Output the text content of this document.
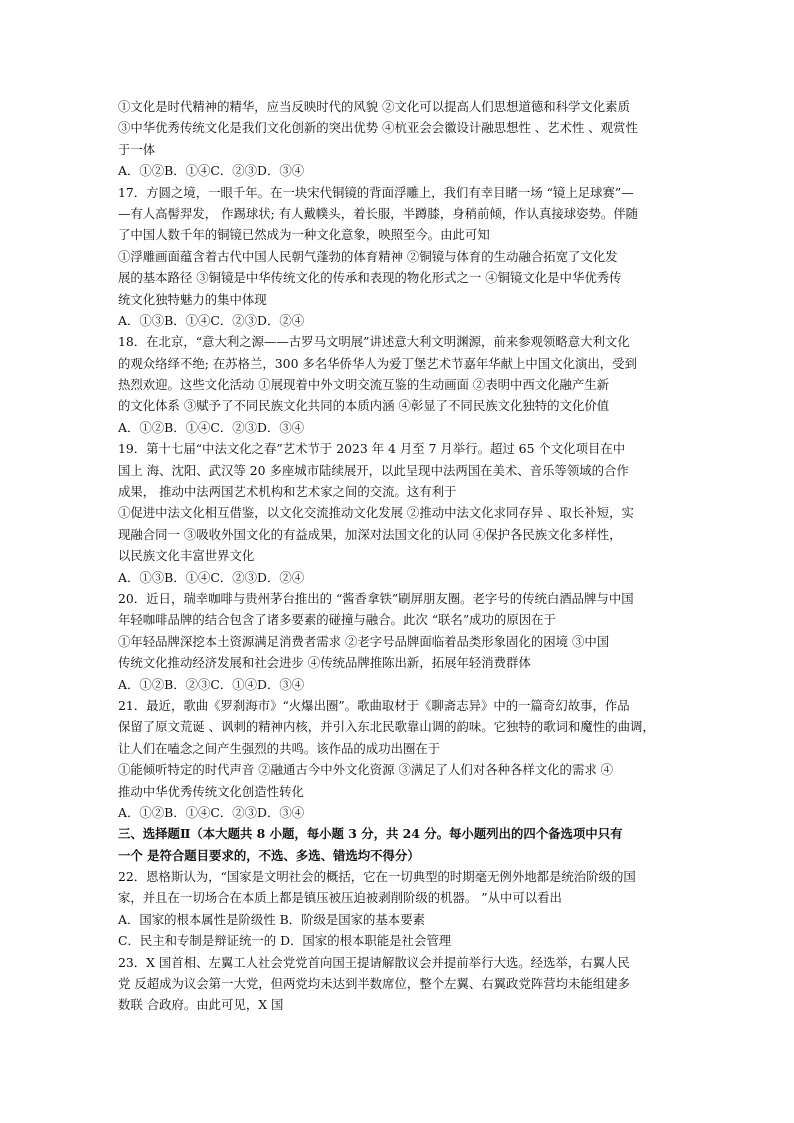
①文化是时代精神的精华，应当反映时代的风貌 ②文化可以提高人们思想道德和科学文化素质
③中华优秀传统文化是我们文化创新的突出优势 ④杭亚会会徽设计融思想性 、艺术性 、观赏性
于一体
A．①②B．①④C．②③D．③④
17．方圆之境，一眼千年。在一块宋代铜镜的背面浮雕上，我们有幸目睹一场 “镜上足球赛”—
—有人高髻羿发， 作踢球状; 有人戴幞头，着长服，半蹲膝，身稍前倾，作认真接球姿势。伴随
了中国人数千年的铜镜已然成为一种文化意象，映照至今。由此可知
①浮雕画面蕴含着古代中国人民朝气蓬勃的体育精神 ②铜镜与体育的生动融合拓宽了文化发
展的基本路径 ③铜镜是中华传统文化的传承和表现的物化形式之一 ④铜镜文化是中华优秀传
统文化独特魅力的集中体现
A．①③B．①④C．②③D．②④
18．在北京，“意大利之源——古罗马文明展”讲述意大利文明渊源，前来参观领略意大利文化
的观众络绎不绝; 在苏格兰，300 多名华侨华人为爱丁堡艺术节嘉年华献上中国文化演出，受到
热烈欢迎。这些文化活动 ①展现着中外文明交流互鉴的生动画面 ②表明中西文化融产生新
的文化体系 ③赋予了不同民族文化共同的本质内涵 ④彰显了不同民族文化独特的文化价值
A．①②B．①④C．②③D．③④
19．第十七届“中法文化之春”艺术节于 2023 年 4 月至 7 月举行。超过 65 个文化项目在中
国上 海、沈阳、武汉等 20 多座城市陆续展开，以此呈现中法两国在美术、音乐等领域的合作
成果， 推动中法两国艺术机构和艺术家之间的交流。这有利于
①促进中法文化相互借鉴，以文化交流推动文化发展 ②推动中法文化求同存异 、取长补短，实
现融合同一 ③吸收外国文化的有益成果，加深对法国文化的认同 ④保护各民族文化多样性，
以民族文化丰富世界文化
A．①③B．①④C．②③D．②④
20．近日，瑞幸咖啡与贵州茅台推出的 “酱香拿铁”刷屏朋友圈。老字号的传统白酒品牌与中国
年轻咖啡品牌的结合包含了诸多要素的碰撞与融合。此次 “联名”成功的原因在于
①年轻品牌深挖本土资源满足消费者需求 ②老字号品牌面临着品类形象固化的困境 ③中国
传统文化推动经济发展和社会进步 ④传统品牌推陈出新，拓展年轻消费群体
A．①②B．②③C．①④D．③④
21．最近，歌曲《罗刹海市》“火爆出圈”。歌曲取材于《聊斋志异》中的一篇奇幻故事，作品
保留了原文荒诞 、讽刺的精神内核，并引入东北民歌靠山调的韵味。它独特的歌词和魔性的曲调，
让人们在嗑念之间产生强烈的共鸣。该作品的成功出圈在于
①能倾听特定的时代声音 ②融通古今中外文化资源 ③满足了人们对各种各样文化的需求 ④
推动中华优秀传统文化创造性转化
A．①②B．①④C．②③D．③④
三、选择题Ⅱ（本大题共 8 小题，每小题 3 分，共 24 分。每小题列出的四个备选项中只有
一个 是符合题目要求的，不选、多选、错选均不得分）
22．恩格斯认为，“国家是文明社会的概括，它在一切典型的时期毫无例外地都是统治阶级的国
家，并且在一切场合在本质上都是镇压被压迫被剥削阶级的机器。 ”从中可以看出
A．国家的根本属性是阶级性 B．阶级是国家的基本要素
C．民主和专制是辩证统一的 D．国家的根本职能是社会管理
23．X 国首相、左翼工人社会党党首向国王提请解散议会并提前举行大选。经选举，右翼人民
党 反超成为议会第一大党，但两党均未达到半数席位，整个左翼、右翼政党阵营均未能组建多
数联 合政府。由此可见，X 国
